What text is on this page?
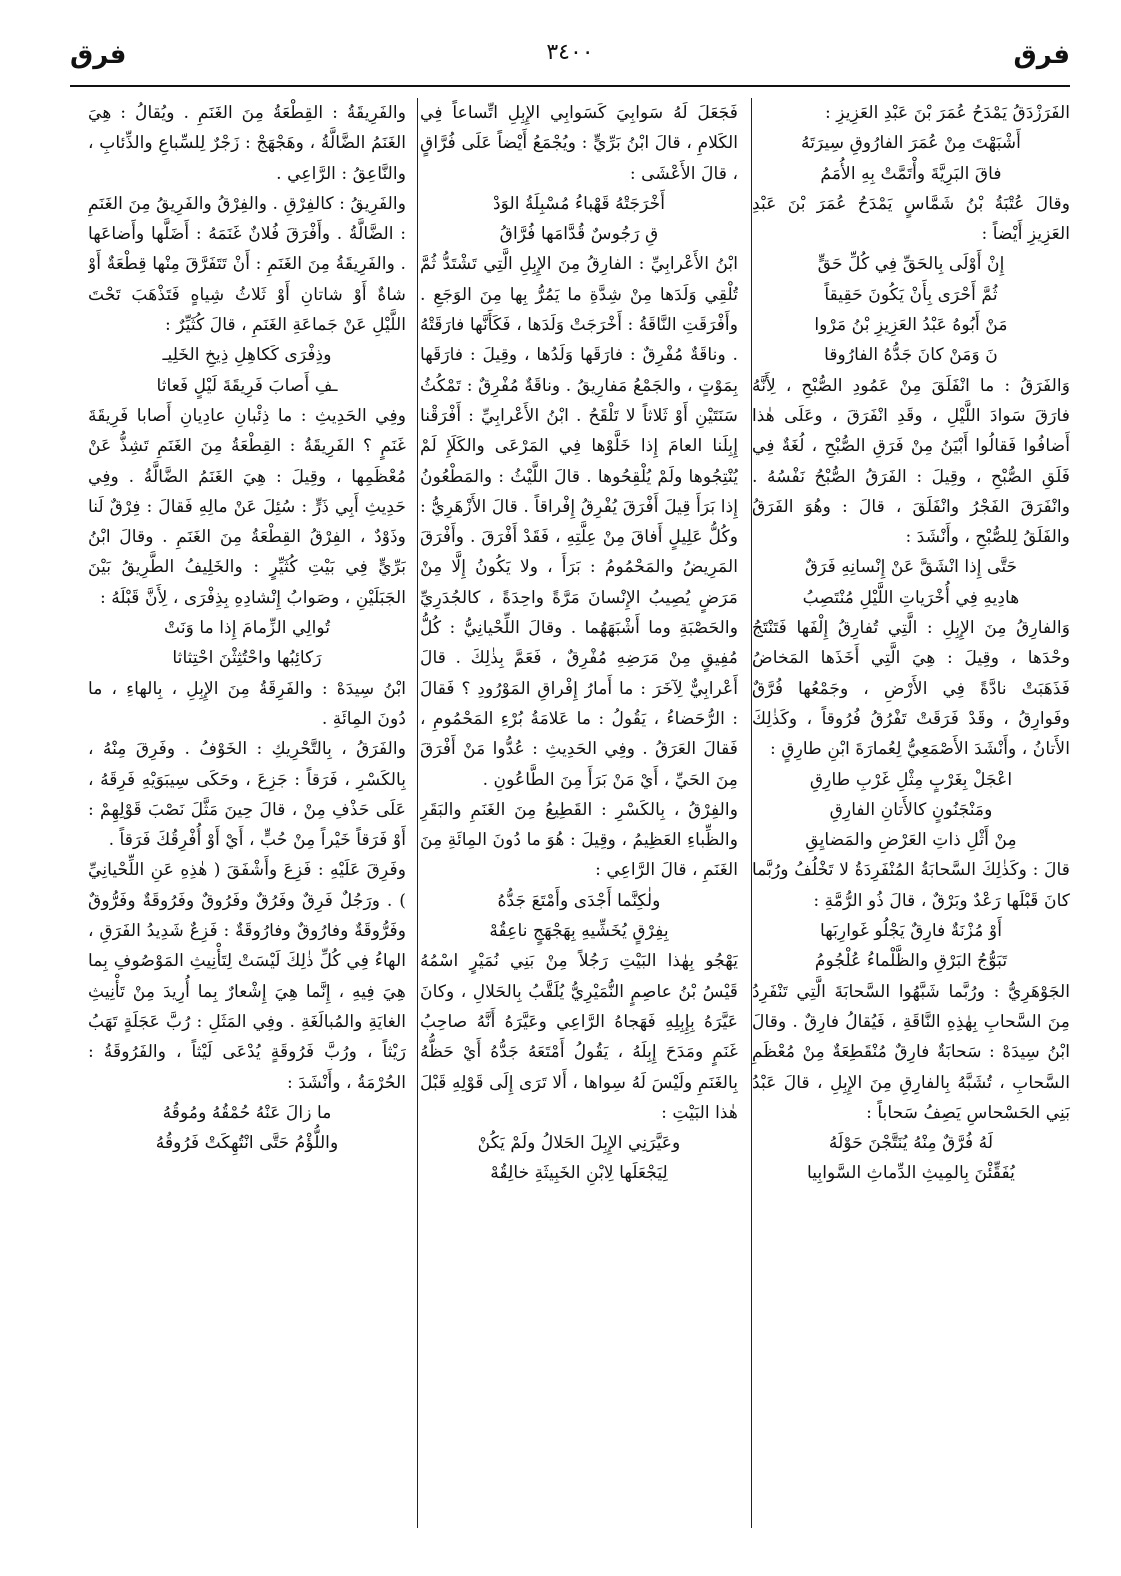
فرق
٣٤٠٠
فرق

الفَرَزْدَقُ يَمْدَحُ عُمَرَ بْنَ عَبْدِ العَزِيزِ :

أَشْبَهْتَ مِنْ عُمَرَ الفارُوقِ سِيرَتَهُ

فاقَ البَرِيَّةَ وأْتَمَّتْ بِهِ الأُمَمُ

وقالَ عُتْبَةُ بْنُ شَمَّاسٍ يَمْدَحُ عُمَرَ بْنَ عَبْدِ العَزِيزِ أَيْضاً :

إِنْ أَوْلَى بِالحَقِّ فِي كُلِّ حَقٍّ

ثُمَّ أَحْرَى بِأَنْ يَكُونَ حَقِيقاً

مَنْ أَبُوهُ عَبْدُ العَزِيزِ بْنُ مَرْوا

نَ وَمَنْ كانَ جَدُّهُ الفارُوقا

وَالفَرَقُ : ما انْفَلَقَ مِنْ عَمُودِ الصُّبْحِ ، لِأَنَّهُ فارَقَ سَوادَ اللَّيْلِ ، وقَدِ انْفَرَقَ ، وعَلَى هٰذا أَضافُوا فَقالُوا أَبْيَنُ مِنْ فَرَقِ الصُّبْحِ ، لُغَةٌ فِي فَلَقِ الصُّبْحِ ، وقِيلَ : الفَرَقُ الصُّبْحُ نَفْسُهُ . وانْفَرَقَ الفَجْرُ وانْفَلَقَ ، قالَ : وهُوَ الفَرَقُ والفَلَقُ لِلصُّبْحِ ، وأَنْشَدَ :

حَتَّى إِذا انْشَقَّ عَنْ إِنْسانِهِ فَرَقٌ

هادِيهِ فِي أُخْرَياتِ اللَّيْلِ مُنْتَصِبُ

وَالفارِقُ مِنَ الإِبِلِ : الَّتِي تُفارِقُ إِلْفَها فَتَنْتَجُ وحْدَها ، وقِيلَ : هِيَ الَّتِي أَخَذَها المَخاضُ فَذَهَبَتْ نادَّةً فِي الأَرْضِ ، وجَمْعُها فُرَّقٌ وفَوارِقُ ، وقَدْ فَرَقَتْ تَفْرُقُ فُرُوقاً ، وكَذٰلِكَ الأَتانُ ، وأَنْشَدَ الأَصْمَعِيُّ لِعُمارَةَ ابْنِ طارِقٍ :

اعْجَلْ بِغَرْبٍ مِثْلِ غَرْبِ طارِقِ

ومَنْجَنُونٍ كالأَتانِ الفارِقِ

مِنْ أَثْلِ ذاتِ العَرْضِ والمَضايِقِ

قالَ : وكَذٰلِكَ السَّحابَةُ المُنْفَرِدَةُ لا تَخْلُفُ ورُبَّما كانَ قَبْلَها رَعْدٌ وبَرْقٌ ، قالَ ذُو الرُّمَّةِ :

أَوْ مُزْنَةٌ فارِقٌ يَجْلُو غَوارِبَها

تَبَوُّجُ البَرْقِ والظَّلْماءُ عُلْجُومُ

الجَوْهَرِيُّ : ورُبَّما شَبَّهُوا السَّحابَةَ الَّتِي تَنْفَرِدُ مِنَ السَّحابِ بِهٰذِهِ النَّاقَةِ ، فَيُقالُ فارِقٌ . وقالَ ابْنُ سِيدَهْ : سَحابَةٌ فارِقٌ مُنْقَطِعَةٌ مِنْ مُعْظَمِ السَّحابِ ، تُشَبَّهُ بِالفارِقِ مِنَ الإِبِلِ ، قالَ عَبْدُ بَنِي الحَسْحاسِ يَصِفُ سَحاباً :

لَهُ فُرَّقٌ مِنْهُ يُنَتَّجْنَ حَوْلَهُ

يُفَقِّئْنَ بِالمِيثِ الدِّماثِ السَّوابِيا

فَجَعَلَ لَهُ سَوابِيَ كَسَوابِي الإِبِلِ اتِّساعاً فِي الكَلامِ ، قالَ ابْنُ بَرِّيٍّ : ويُجْمَعُ أَيْضاً عَلَى فُرَّاقٍ ، قالَ الأَعْشَى :

أَخْرَجَتْهُ قَهْباءُ مُسْبِلَةُ الوَدْ

قِ رَجُوسٌ قُدَّامَها فُرَّاقُ

ابْنُ الأَعْرابِيِّ : الفارِقُ مِنَ الإِبِلِ الَّتِي تَشْتَدُّ ثُمَّ تُلْقِي وَلَدَها مِنْ شِدَّةِ ما يَمُرُّ بِها مِنَ الوَجَعِ . وأَفْرَقَتِ النَّاقَةُ : أَخْرَجَتْ وَلَدَها ، فَكَأَنَّها فارَقَتْهُ . وناقَةٌ مُفْرِقٌ : فارَقَها وَلَدُها ، وقِيلَ : فارَقَها بِمَوْتٍ ، والجَمْعُ مَفارِيقُ . وناقَةٌ مُفْرِقٌ : تَمْكُثُ سَنَتَيْنِ أَوْ ثَلاثاً لا تَلْقَحُ . ابْنُ الأَعْرابِيِّ : أَفْرَقْنا إِبِلَنا العامَ إِذا خَلَّوْها فِي المَرْعَى والكَلَإِ لَمْ يُنْتِجُوها ولَمْ يُلْقِحُوها . قالَ اللَّيْثُ : والمَطْعُونُ إِذا بَرَأَ قِيلَ أَفْرَقَ يُفْرِقُ إِفْراقاً . قالَ الأَزْهَرِيُّ : وكُلُّ عَلِيلٍ أَفاقَ مِنْ عِلَّتِهِ ، فَقَدْ أَفْرَقَ . وأَفْرَقَ المَرِيضُ والمَحْمُومُ : بَرَأَ ، ولا يَكُونُ إِلَّا مِنْ مَرَضٍ يُصِيبُ الإِنْسانَ مَرَّةً واحِدَةً ، كالجُدَرِيِّ والحَصْبَةِ وما أَشْبَهَهُما . وقالَ اللِّحْيانِيُّ : كُلُّ مُفِيقٍ مِنْ مَرَضِهِ مُفْرِقٌ ، فَعَمَّ بِذٰلِكَ . قالَ أَعْرابِيٌّ لِآخَرَ : ما أَمارُ إِفْراقِ المَوْرُودِ ؟ فَقالَ : الرُّحَضاءُ ، يَقُولُ : ما عَلامَةُ بُرْءِ المَحْمُومِ ، فَقالَ العَرَقُ . وفِي الحَدِيثِ : عُدُّوا مَنْ أَفْرَقَ مِنَ الحَيِّ ، أَيْ مَنْ بَرَأَ مِنَ الطَّاعُونِ .

والفِرْقُ ، بِالكَسْرِ : القَطِيعُ مِنَ الغَنَمِ والبَقَرِ والظِّباءِ العَظِيمُ ، وقِيلَ : هُوَ ما دُونَ المِائَةِ مِنَ الغَنَمِ ، قالَ الرَّاعِي :

ولٰكِنَّما أَجْدَى وأَمْتَعَ جَدُّهُ

بِفِرْقٍ يُخَشِّيهِ بِهَجْهَجٍ ناعِقُهْ

يَهْجُو بِهٰذا البَيْتِ رَجُلاً مِنْ بَنِي نُمَيْرٍ اسْمُهُ قَيْسُ بْنُ عاصِمٍ النُّمَيْرِيُّ يُلَقَّبُ بِالحَلالِ ، وكانَ عَيَّرَهُ بِإِبِلِهِ فَهَجاهُ الرَّاعِي وعَيَّرَهُ أَنَّهُ صاحِبُ غَنَمٍ ومَدَحَ إِبِلَهُ ، يَقُولُ أَمْتَعَهُ جَدُّهُ أَيْ حَظُّهُ بِالغَنَمِ ولَيْسَ لَهُ سِواها ، أَلا تَرَى إِلَى قَوْلِهِ قَبْلَ هٰذا البَيْتِ :

وعَيَّرَنِي الإِبِلَ الحَلالُ ولَمْ يَكُنْ

لِيَجْعَلَها لِابْنِ الخَبِيثَةِ خالِقُهْ

والفَرِيقَةُ : القِطْعَةُ مِنَ الغَنَمِ . ويُقالُ : هِيَ الغَنَمُ الضَّالَّةُ ، وهَجْهَجْ : زَجْرٌ لِلسِّباعِ والذِّئابِ ، والنَّاعِقُ : الرَّاعِي .

والفَرِيقُ : كالفِرْقِ . والفِرْقُ والفَرِيقُ مِنَ الغَنَمِ : الضَّالَّةُ . وأَفْرَقَ فُلانٌ غَنَمَهُ : أَضَلَّها وأَضاعَها . والفَرِيقَةُ مِنَ الغَنَمِ : أَنْ تَتَفَرَّقَ مِنْها قِطْعَةٌ أَوْ شاةٌ أَوْ شاتانِ أَوْ ثَلاثُ شِياهٍ فَتَذْهَبَ تَحْتَ اللَّيْلِ عَنْ جَماعَةِ الغَنَمِ ، قالَ كُثَيِّرٌ :

وذِفْرَى كَكاهِلِ ذِيخِ الخَلِيـ

ـفِ أَصابَ فَرِيقَةَ لَيْلٍ فَعاثا

وفِي الحَدِيثِ : ما ذِئْبانِ عادِيانِ أَصابا فَرِيقَةَ غَنَمٍ ؟ الفَرِيقَةُ : القِطْعَةُ مِنَ الغَنَمِ تَشِذُّ عَنْ مُعْظَمِها ، وقِيلَ : هِيَ الغَنَمُ الضَّالَّةُ . وفِي حَدِيثِ أَبِي ذَرٍّ : سُئِلَ عَنْ مالِهِ فَقالَ : فِرْقٌ لَنا وذَوْدٌ ، الفِرْقُ القِطْعَةُ مِنَ الغَنَمِ . وقالَ ابْنُ بَرِّيٍّ فِي بَيْتِ كُثَيِّرٍ : والخَلِيفُ الطَّرِيقُ بَيْنَ الجَبَلَيْنِ ، وصَوابُ إِنْشادِهِ بِذِفْرَى ، لِأَنَّ قَبْلَهُ :

تُوالِي الزِّمامَ إِذا ما وَنَتْ

رَكائِبُها واحْتُثِثْنَ احْتِثاثا

ابْنُ سِيدَهْ : والفَرِقَةُ مِنَ الإِبِلِ ، بِالهاءِ ، ما دُونَ المِائَةِ .

والفَرَقُ ، بِالتَّحْرِيكِ : الخَوْفُ . وفَرِقَ مِنْهُ ، بِالكَسْرِ ، فَرَقاً : جَزِعَ ، وحَكَى سِيبَوَيْهِ فَرِقَهُ ، عَلَى حَذْفِ مِنْ ، قالَ حِينَ مَثَّلَ نَصْبَ قَوْلِهِمْ : أَوْ فَرَقاً خَيْراً مِنْ حُبٍّ ، أَيْ أَوْ أُفْرِقُكَ فَرَقاً .

وفَرِقَ عَلَيْهِ : فَزِعَ وأَشْفَقَ ( هٰذِهِ عَنِ اللِّحْيانِيِّ ) . ورَجُلٌ فَرِقٌ وفَرُقٌ وفَرُوقٌ وفَرُوقَةٌ وفَرُّوقٌ وفَرُّوقَةٌ وفارُوقٌ وفارُوقَةٌ : فَزِعٌ شَدِيدُ الفَرَقِ ، الهاءُ فِي كُلِّ ذٰلِكَ لَيْسَتْ لِتَأْنِيثِ المَوْصُوفِ بِما هِيَ فِيهِ ، إِنَّما هِيَ إِشْعارٌ بِما أُرِيدَ مِنْ تَأْنِيثِ الغايَةِ والمُبالَغَةِ . وفِي المَثَلِ : رُبَّ عَجَلَةٍ تَهَبُ رَيْثاً ، ورُبَّ فَرُوقَةٍ يُدْعَى لَيْثاً ، والفَرُوقَةُ : الحُرْمَةُ ، وأَنْشَدَ :

ما زالَ عَنْهُ حُمْقُهُ ومُوقُهُ

واللُّؤْمُ حَتَّى انْتُهِكَتْ فَرُوقُهُ
